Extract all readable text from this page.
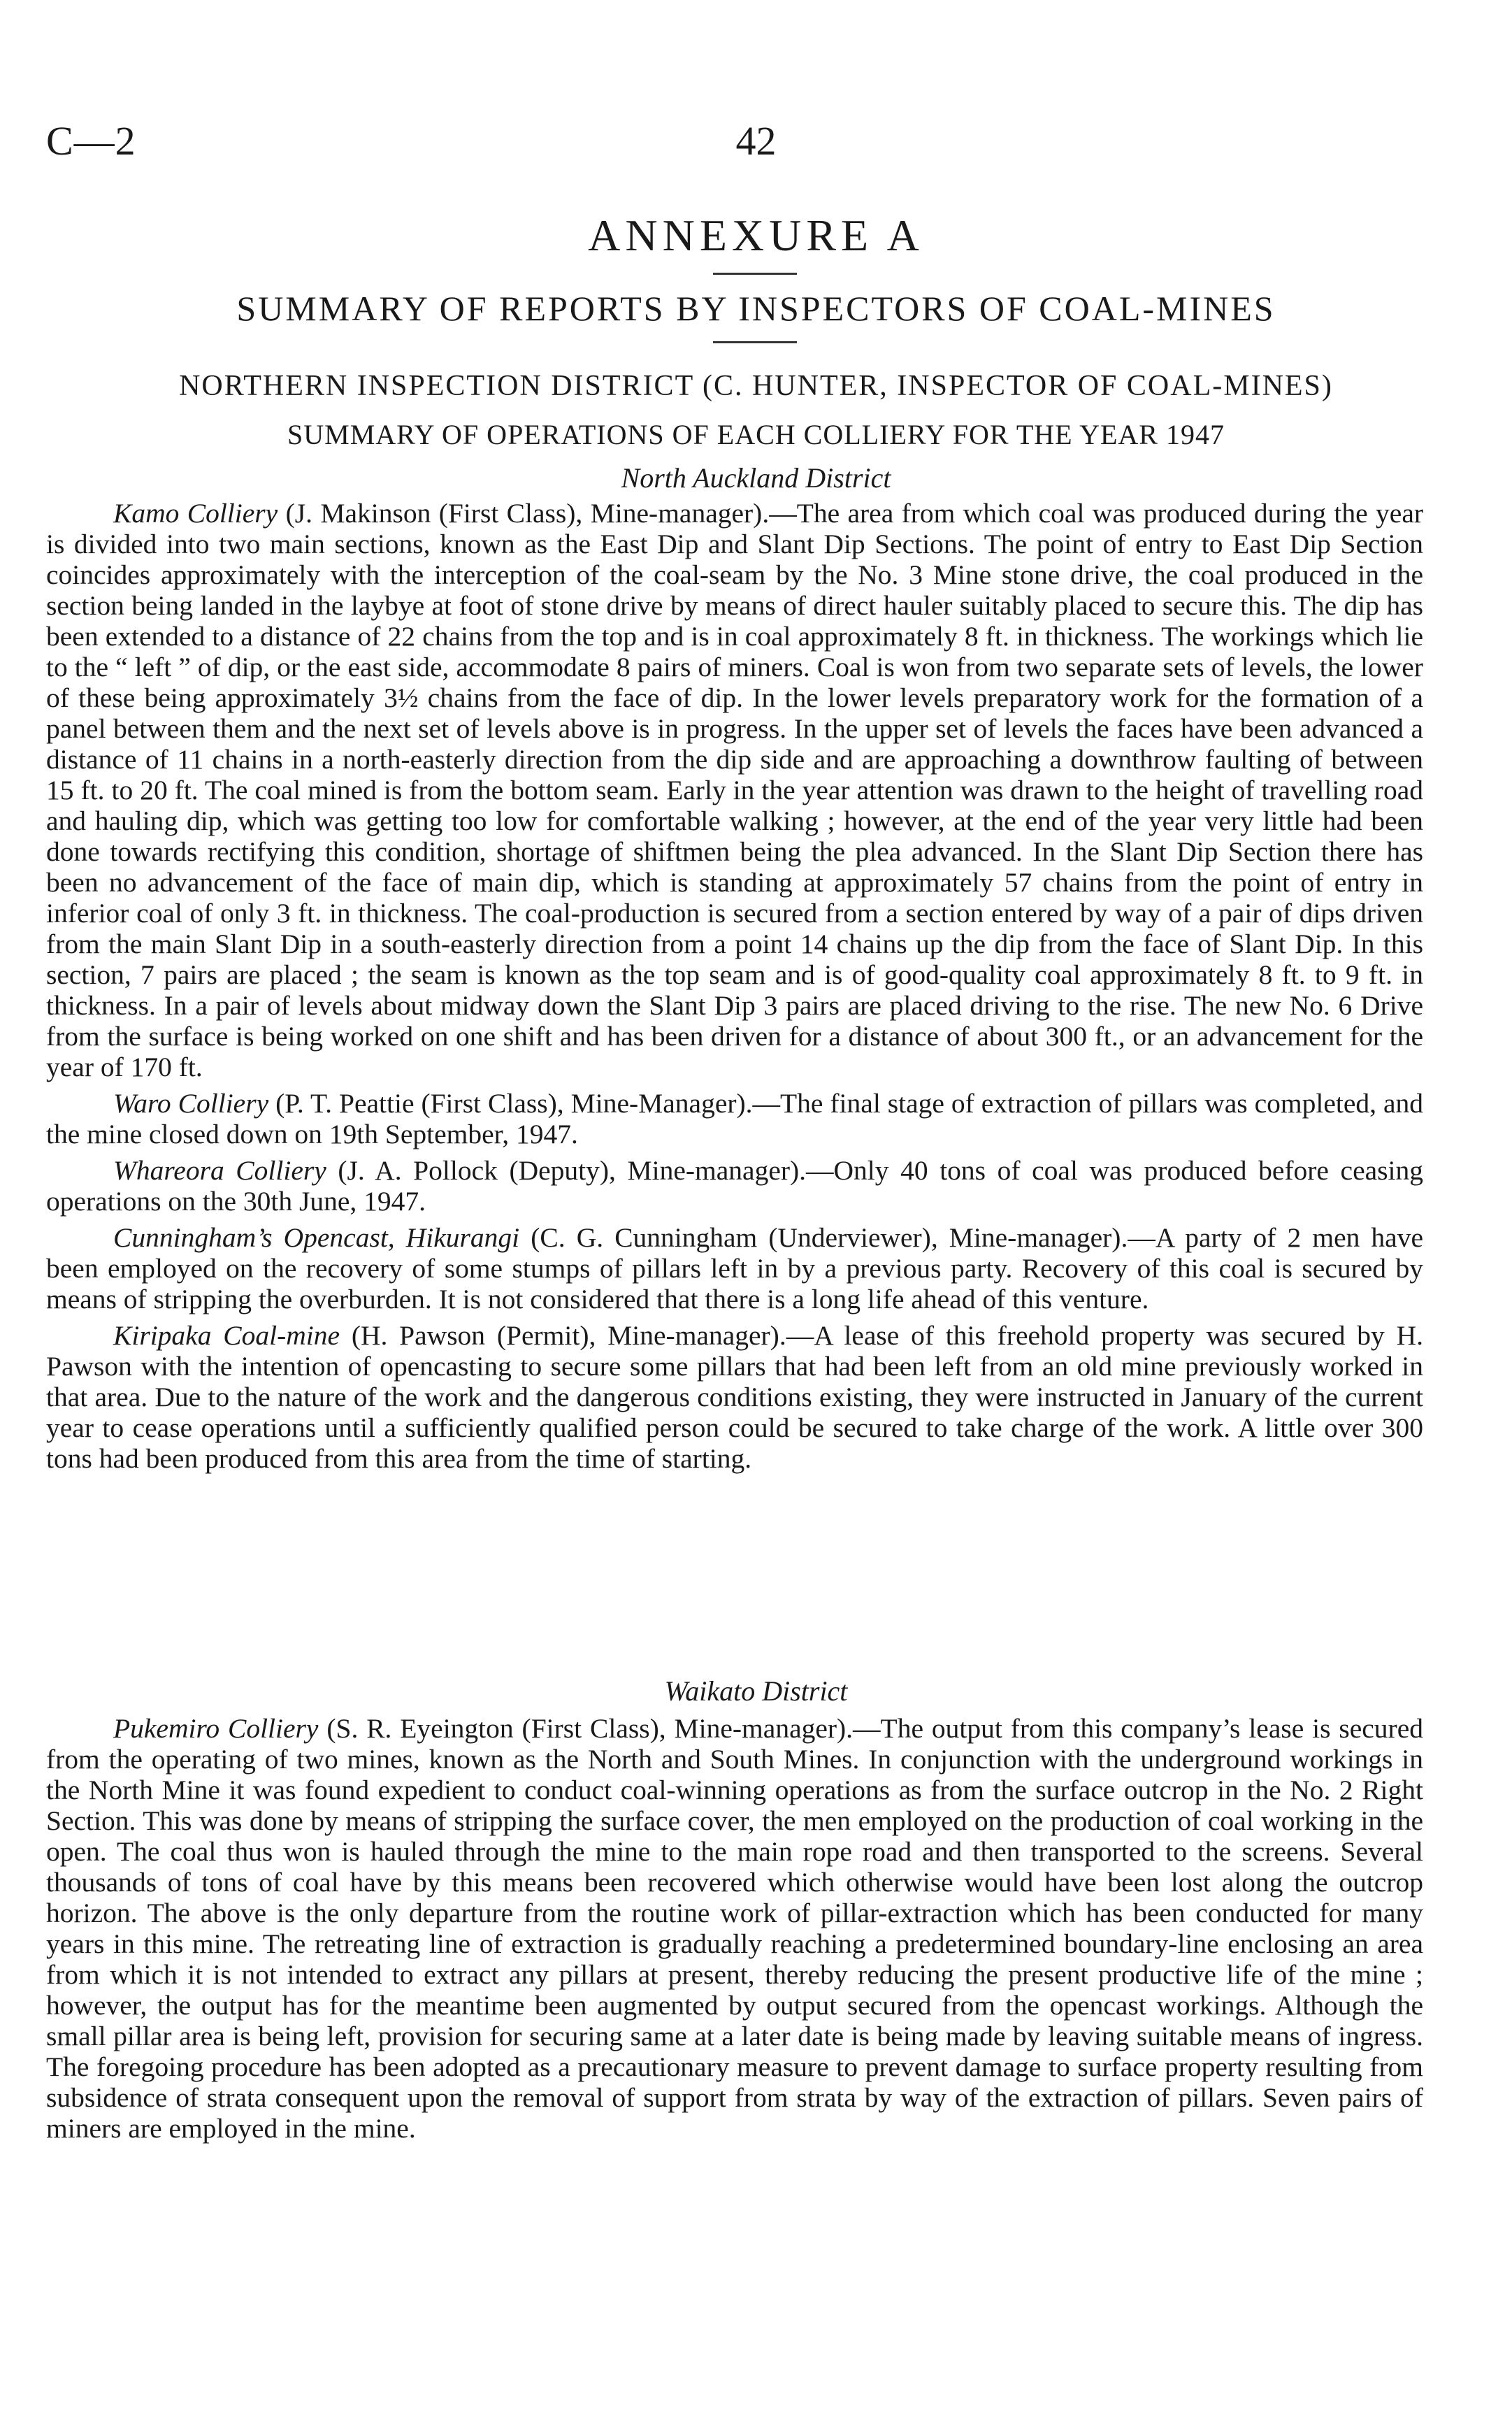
C—2	42
ANNEXURE A
SUMMARY OF REPORTS BY INSPECTORS OF COAL-MINES
NORTHERN INSPECTION DISTRICT (C. HUNTER, INSPECTOR OF COAL-MINES)
SUMMARY OF OPERATIONS OF EACH COLLIERY FOR THE YEAR 1947
North Auckland District

Kamo Colliery (J. Makinson (First Class), Mine-manager).—The area from which coal was produced during the year is divided into two main sections, known as the East Dip and Slant Dip Sections. The point of entry to East Dip Section coincides approximately with the interception of the coal-seam by the No. 3 Mine stone drive, the coal produced in the section being landed in the laybye at foot of stone drive by means of direct hauler suitably placed to secure this. The dip has been extended to a distance of 22 chains from the top and is in coal approximately 8 ft. in thickness. The workings which lie to the “ left ” of dip, or the east side, accommodate 8 pairs of miners. Coal is won from two separate sets of levels, the lower of these being approximately 3½ chains from the face of dip. In the lower levels preparatory work for the formation of a panel between them and the next set of levels above is in progress. In the upper set of levels the faces have been advanced a distance of 11 chains in a north-easterly direction from the dip side and are approaching a downthrow faulting of between 15 ft. to 20 ft. The coal mined is from the bottom seam. Early in the year attention was drawn to the height of travelling road and hauling dip, which was getting too low for comfortable walking ; however, at the end of the year very little had been done towards rectifying this condition, shortage of shiftmen being the plea advanced. In the Slant Dip Section there has been no advancement of the face of main dip, which is standing at approximately 57 chains from the point of entry in inferior coal of only 3 ft. in thickness. The coal-production is secured from a section entered by way of a pair of dips driven from the main Slant Dip in a south-easterly direction from a point 14 chains up the dip from the face of Slant Dip. In this section, 7 pairs are placed ; the seam is known as the top seam and is of good-quality coal approximately 8 ft. to 9 ft. in thickness. In a pair of levels about midway down the Slant Dip 3 pairs are placed driving to the rise. The new No. 6 Drive from the surface is being worked on one shift and has been driven for a distance of about 300 ft., or an advancement for the year of 170 ft.

Waro Colliery (P. T. Peattie (First Class), Mine-Manager).—The final stage of extraction of pillars was completed, and the mine closed down on 19th September, 1947.

Whareora Colliery (J. A. Pollock (Deputy), Mine-manager).—Only 40 tons of coal was produced before ceasing operations on the 30th June, 1947.

Cunningham’s Opencast, Hikurangi (C. G. Cunningham (Underviewer), Mine-manager).—A party of 2 men have been employed on the recovery of some stumps of pillars left in by a previous party. Recovery of this coal is secured by means of stripping the overburden. It is not considered that there is a long life ahead of this venture.

Kiripaka Coal-mine (H. Pawson (Permit), Mine-manager).—A lease of this freehold property was secured by H. Pawson with the intention of opencasting to secure some pillars that had been left from an old mine previously worked in that area. Due to the nature of the work and the dangerous conditions existing, they were instructed in January of the current year to cease operations until a sufficiently qualified person could be secured to take charge of the work. A little over 300 tons had been produced from this area from the time of starting.

Waikato District

Pukemiro Colliery (S. R. Eyeington (First Class), Mine-manager).—The output from this company’s lease is secured from the operating of two mines, known as the North and South Mines. In conjunction with the underground workings in the North Mine it was found expedient to conduct coal-winning operations as from the surface outcrop in the No. 2 Right Section. This was done by means of stripping the surface cover, the men employed on the production of coal working in the open. The coal thus won is hauled through the mine to the main rope road and then transported to the screens. Several thousands of tons of coal have by this means been recovered which otherwise would have been lost along the outcrop horizon. The above is the only departure from the routine work of pillar-extraction which has been conducted for many years in this mine. The retreating line of extraction is gradually reaching a predetermined boundary-line enclosing an area from which it is not intended to extract any pillars at present, thereby reducing the present productive life of the mine ; however, the output has for the meantime been augmented by output secured from the opencast workings. Although the small pillar area is being left, provision for securing same at a later date is being made by leaving suitable means of ingress. The foregoing procedure has been adopted as a precautionary measure to prevent damage to surface property resulting from subsidence of strata consequent upon the removal of support from strata by way of the extraction of pillars. Seven pairs of miners are employed in the mine.
